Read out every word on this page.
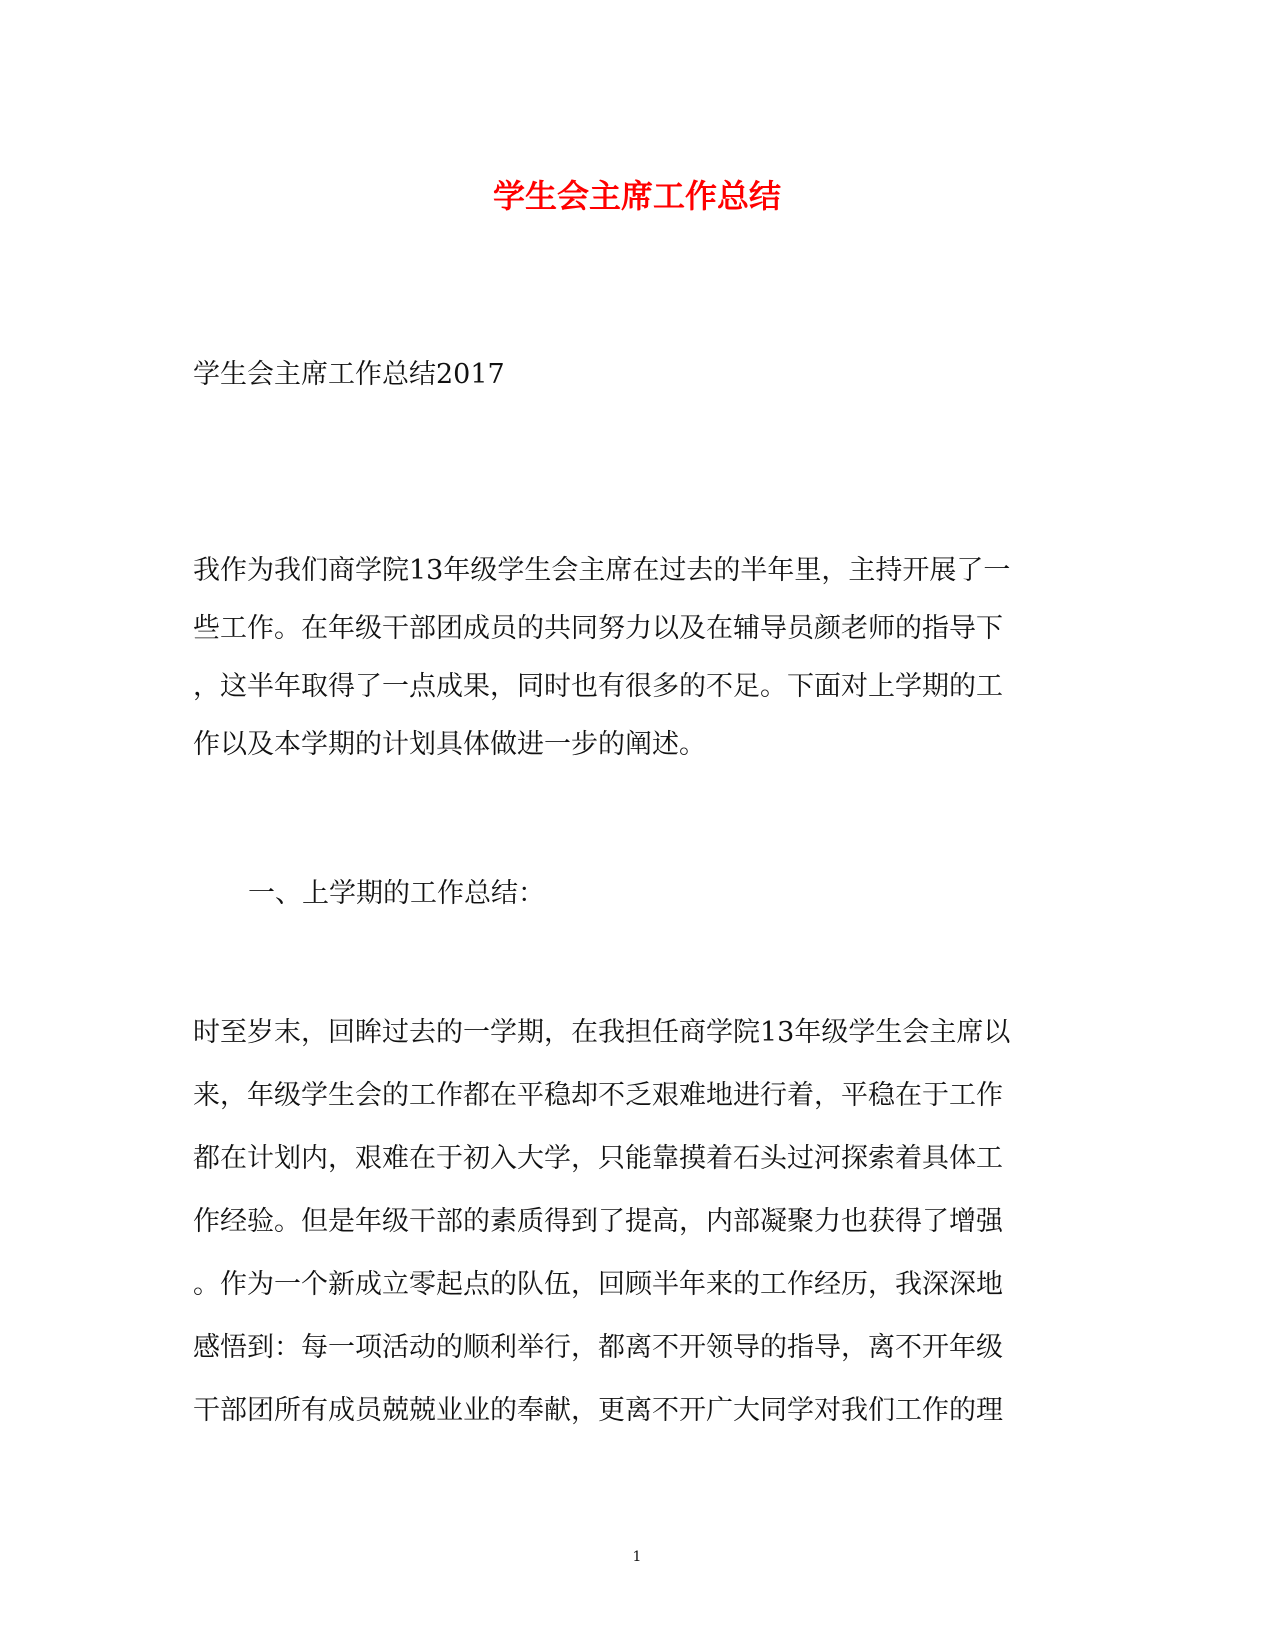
学生会主席工作总结

学生会主席工作总结2017

我作为我们商学院13年级学生会主席在过去的半年里，主持开展了一
些工作。在年级干部团成员的共同努力以及在辅导员颜老师的指导下
，这半年取得了一点成果，同时也有很多的不足。下面对上学期的工
作以及本学期的计划具体做进一步的阐述。

一、上学期的工作总结：

时至岁末，回眸过去的一学期，在我担任商学院13年级学生会主席以
来，年级学生会的工作都在平稳却不乏艰难地进行着，平稳在于工作
都在计划内，艰难在于初入大学，只能靠摸着石头过河探索着具体工
作经验。但是年级干部的素质得到了提高，内部凝聚力也获得了增强
。作为一个新成立零起点的队伍，回顾半年来的工作经历，我深深地
感悟到：每一项活动的顺利举行，都离不开领导的指导，离不开年级
干部团所有成员兢兢业业的奉献，更离不开广大同学对我们工作的理
1
